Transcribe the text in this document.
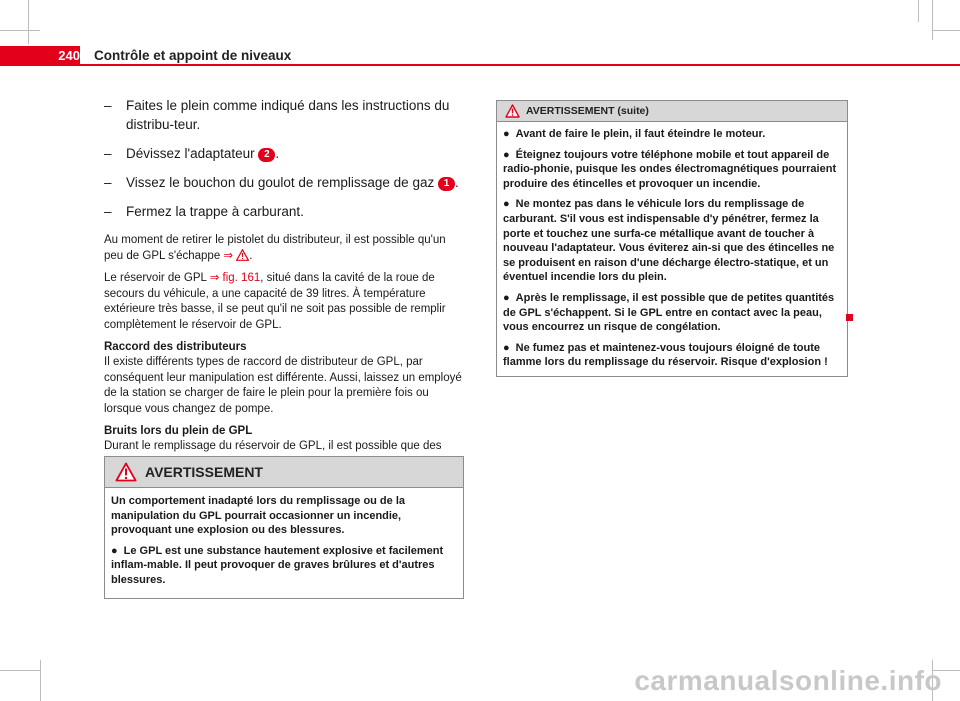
240 Contrôle et appoint de niveaux
– Faites le plein comme indiqué dans les instructions du distribu-teur.
– Dévissez l'adaptateur 2 .
– Vissez le bouchon du goulot de remplissage de gaz 1 .
– Fermez la trappe à carburant.

Au moment de retirer le pistolet du distributeur, il est possible qu'un peu de GPL s'échappe ⇒ .

Le réservoir de GPL ⇒ fig. 161, situé dans la cavité de la roue de secours du véhicule, a une capacité de 39 litres. À température extérieure très basse, il se peut qu'il ne soit pas possible de remplir complètement le réservoir de GPL.

Raccord des distributeurs

Il existe différents types de raccord de distributeur de GPL, par conséquent leur manipulation est différente. Aussi, laissez un employé de la station se charger de faire le plein pour la première fois ou lorsque vous changez de pompe.

Bruits lors du plein de GPL

Durant le remplissage du réservoir de GPL, il est possible que des

AVERTISSEMENT

Un comportement inadapté lors du remplissage ou de la manipulation du GPL pourrait occasionner un incendie, provoquant une explosion ou des blessures.

● Le GPL est une substance hautement explosive et facilement inflam-mable. Il peut provoquer de graves brûlures et d'autres blessures.

AVERTISSEMENT (suite)

● Avant de faire le plein, il faut éteindre le moteur.

● Éteignez toujours votre téléphone mobile et tout appareil de radio-phonie, puisque les ondes électromagnétiques pourraient produire des étincelles et provoquer un incendie.

● Ne montez pas dans le véhicule lors du remplissage de carburant. S'il vous est indispensable d'y pénétrer, fermez la porte et touchez une surfa-ce métallique avant de toucher à nouveau l'adaptateur. Vous éviterez ain-si que des étincelles ne se produisent en raison d'une décharge électro-statique, et un éventuel incendie lors du plein.

● Après le remplissage, il est possible que de petites quantités de GPL s'échappent. Si le GPL entre en contact avec la peau, vous encourrez un risque de congélation.

● Ne fumez pas et maintenez-vous toujours éloigné de toute flamme lors du remplissage du réservoir. Risque d'explosion !

carmanualsonline.info
